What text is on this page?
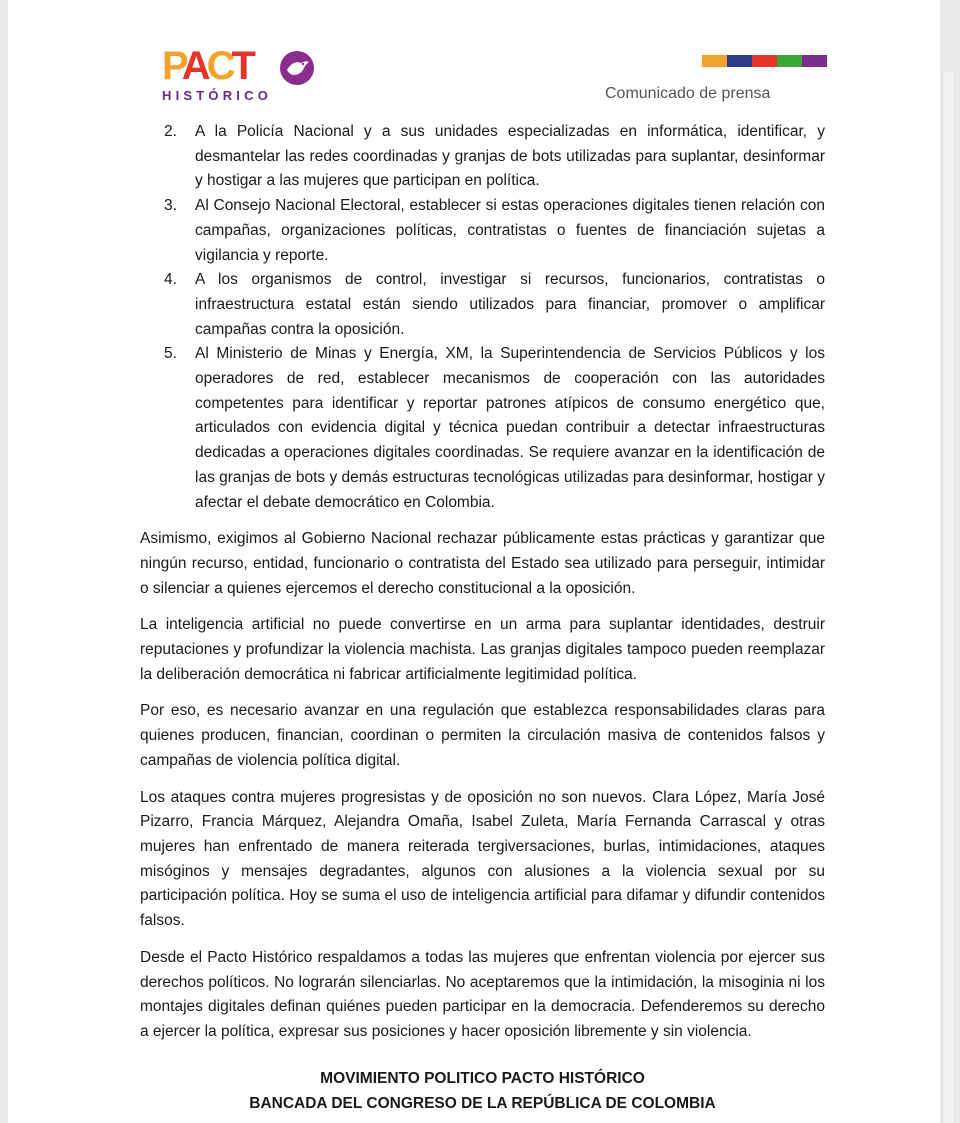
PACTO
HISTÓRICO	Comunicado de prensa
2. A la Policía Nacional y a sus unidades especializadas en informática, identificar, y desmantelar las redes coordinadas y granjas de bots utilizadas para suplantar, desinformar y hostigar a las mujeres que participan en política.
3. Al Consejo Nacional Electoral, establecer si estas operaciones digitales tienen relación con campañas, organizaciones políticas, contratistas o fuentes de financiación sujetas a vigilancia y reporte.
4. A los organismos de control, investigar si recursos, funcionarios, contratistas o infraestructura estatal están siendo utilizados para financiar, promover o amplificar campañas contra la oposición.
5. Al Ministerio de Minas y Energía, XM, la Superintendencia de Servicios Públicos y los operadores de red, establecer mecanismos de cooperación con las autoridades competentes para identificar y reportar patrones atípicos de consumo energético que, articulados con evidencia digital y técnica puedan contribuir a detectar infraestructuras dedicadas a operaciones digitales coordinadas. Se requiere avanzar en la identificación de las granjas de bots y demás estructuras tecnológicas utilizadas para desinformar, hostigar y afectar el debate democrático en Colombia.

Asimismo, exigimos al Gobierno Nacional rechazar públicamente estas prácticas y garantizar que ningún recurso, entidad, funcionario o contratista del Estado sea utilizado para perseguir, intimidar o silenciar a quienes ejercemos el derecho constitucional a la oposición.

La inteligencia artificial no puede convertirse en un arma para suplantar identidades, destruir reputaciones y profundizar la violencia machista. Las granjas digitales tampoco pueden reemplazar la deliberación democrática ni fabricar artificialmente legitimidad política.

Por eso, es necesario avanzar en una regulación que establezca responsabilidades claras para quienes producen, financian, coordinan o permiten la circulación masiva de contenidos falsos y campañas de violencia política digital.

Los ataques contra mujeres progresistas y de oposición no son nuevos. Clara López, María José Pizarro, Francia Márquez, Alejandra Omaña, Isabel Zuleta, María Fernanda Carrascal y otras mujeres han enfrentado de manera reiterada tergiversaciones, burlas, intimidaciones, ataques misóginos y mensajes degradantes, algunos con alusiones a la violencia sexual por su participación política. Hoy se suma el uso de inteligencia artificial para difamar y difundir contenidos falsos.

Desde el Pacto Histórico respaldamos a todas las mujeres que enfrentan violencia por ejercer sus derechos políticos. No lograrán silenciarlas. No aceptaremos que la intimidación, la misoginia ni los montajes digitales definan quiénes pueden participar en la democracia. Defenderemos su derecho a ejercer la política, expresar sus posiciones y hacer oposición libremente y sin violencia.

MOVIMIENTO POLITICO PACTO HISTÓRICO
BANCADA DEL CONGRESO DE LA REPÚBLICA DE COLOMBIA
